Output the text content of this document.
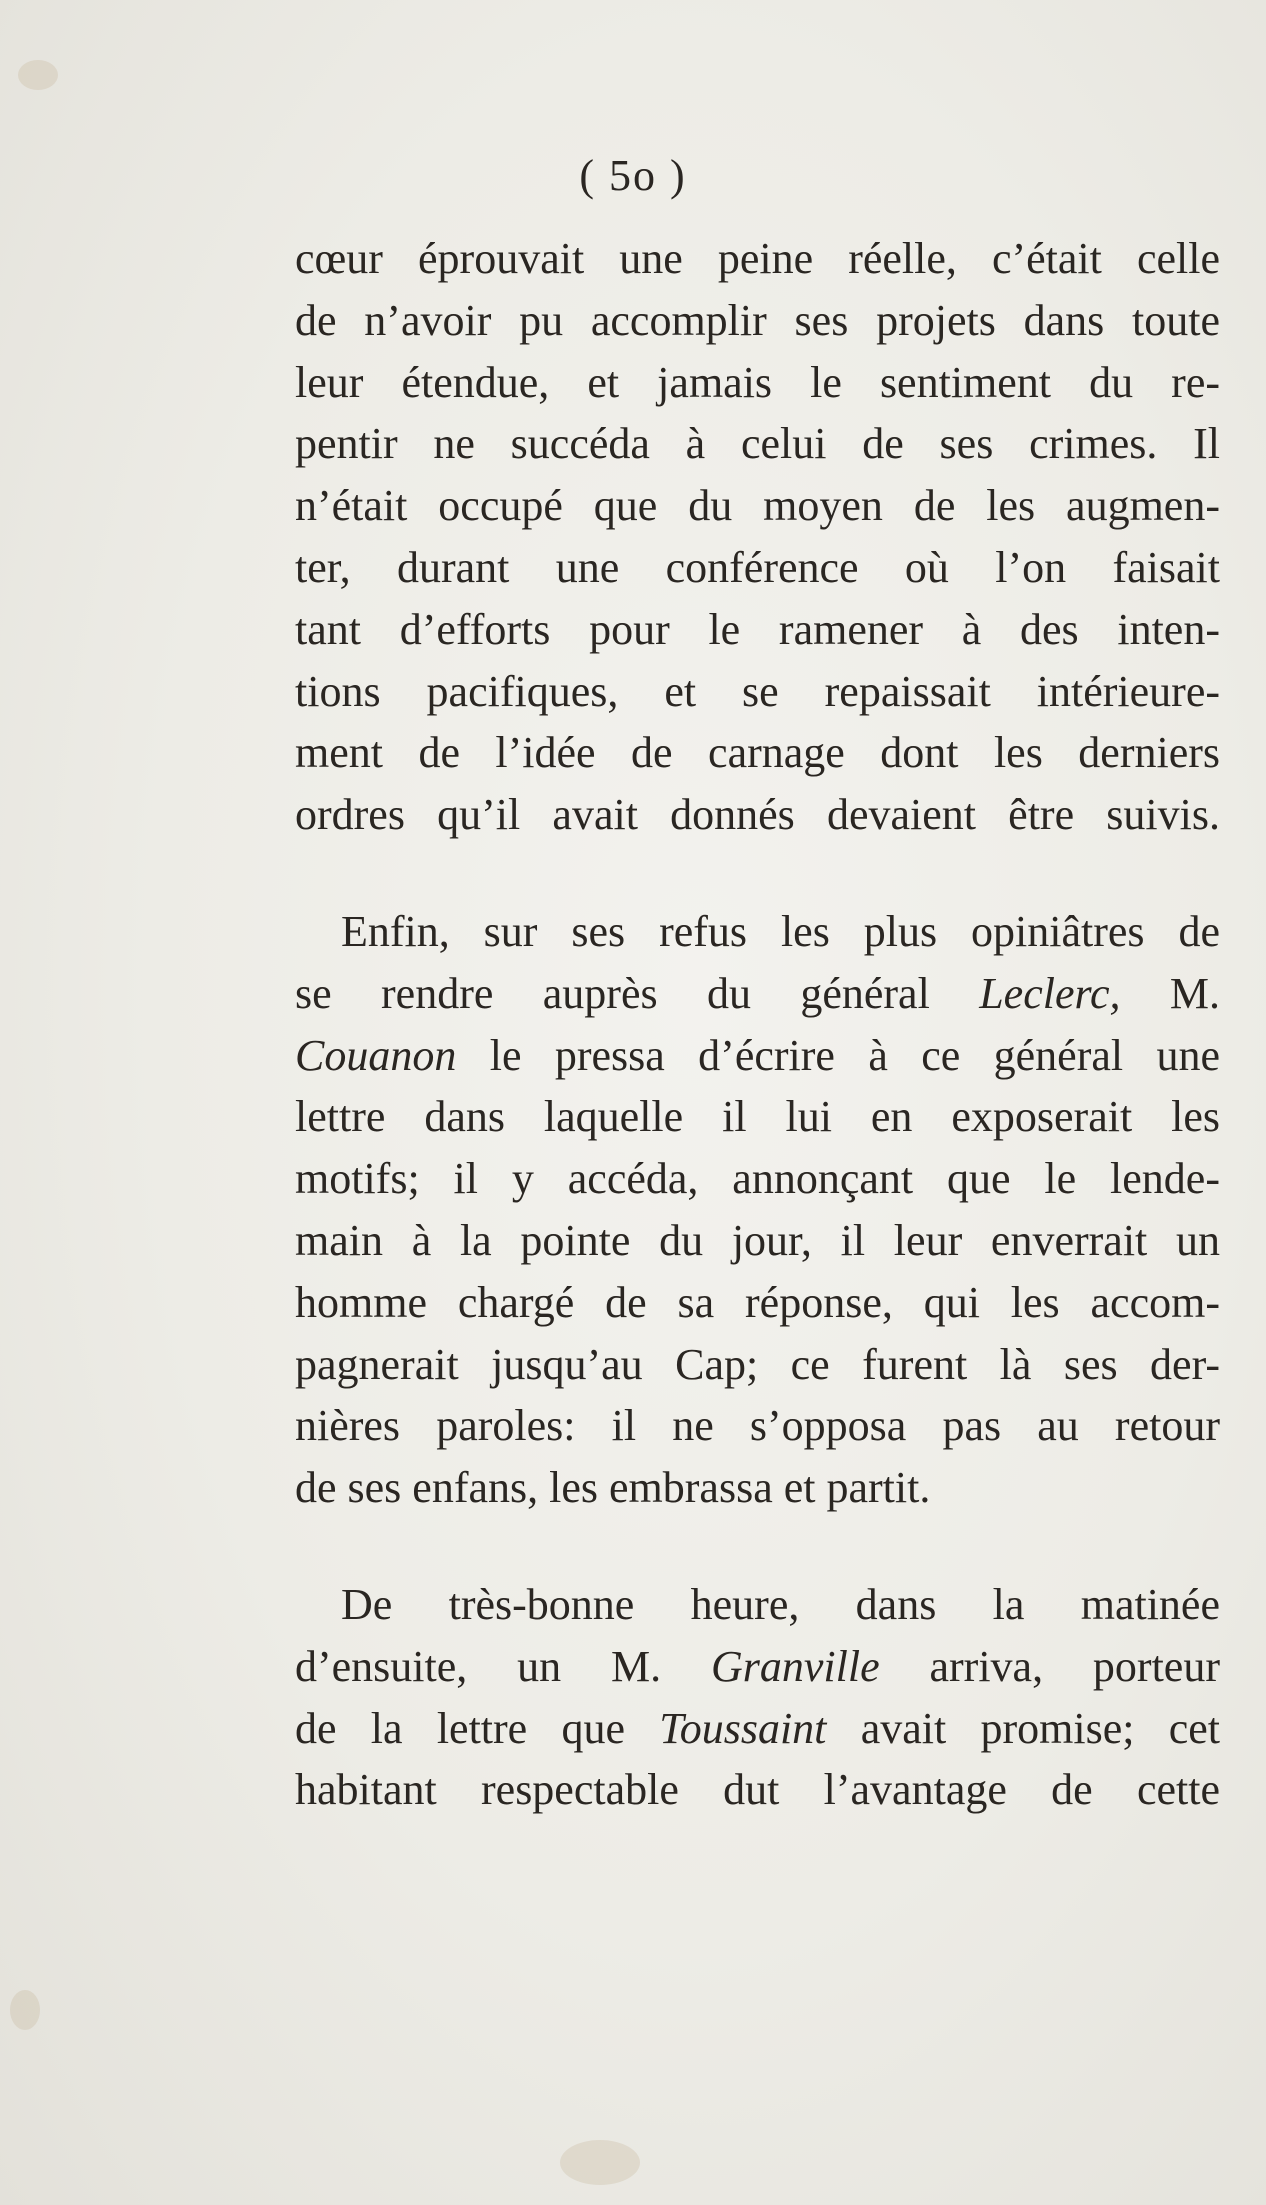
( 5o )
cœur éprouvait une peine réelle, c’était celle
de n’avoir pu accomplir ses projets dans toute
leur étendue, et jamais le sentiment du re-
pentir ne succéda à celui de ses crimes. Il
n’était occupé que du moyen de les augmen-
ter, durant une conférence où l’on faisait
tant d’efforts pour le ramener à des inten-
tions pacifiques, et se repaissait intérieure-
ment de l’idée de carnage dont les derniers
ordres qu’il avait donnés devaient être suivis.
Enfin, sur ses refus les plus opiniâtres de
se rendre auprès du général Leclerc, M.
Couanon le pressa d’écrire à ce général une
lettre dans laquelle il lui en exposerait les
motifs; il y accéda, annonçant que le lende-
main à la pointe du jour, il leur enverrait un
homme chargé de sa réponse, qui les accom-
pagnerait jusqu’au Cap; ce furent là ses der-
nières paroles: il ne s’opposa pas au retour
de ses enfans, les embrassa et partit.
De très-bonne heure, dans la matinée
d’ensuite, un M. Granville arriva, porteur
de la lettre que Toussaint avait promise; cet
habitant respectable dut l’avantage de cette
